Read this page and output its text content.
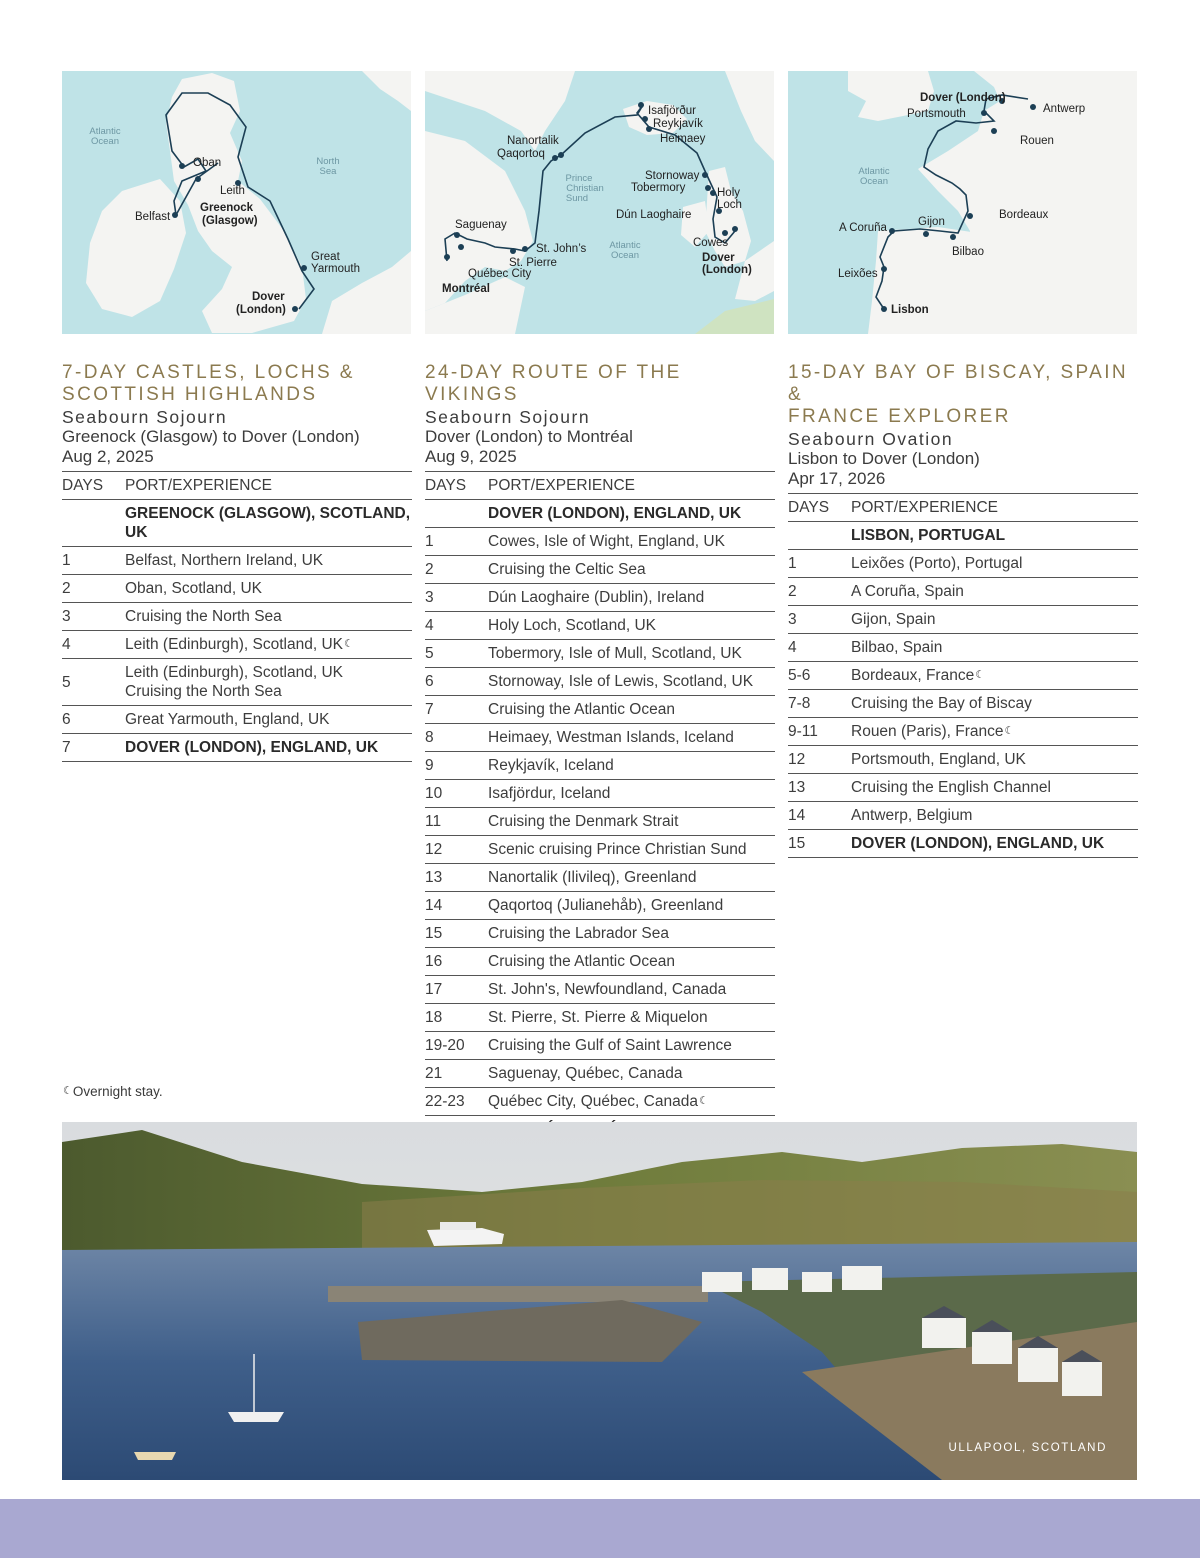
Atlantic
Ocean
North
Sea
Oban
Leith
Belfast
Greenock
(Glasgow)
Great
Yarmouth
Dover
(London)
Prince
Christian
Sund
Atlantic
Ocean
Isafjörður
Reykjavík
Heimaey
Nanortalik
Qaqortoq
Stornoway
Tobermory	Holy
Loch
Dún Laoghaire
Saguenay
St. John’s
St. Pierre
Québec City
Montréal
Cowes
Dover
(London)
Atlantic
Ocean
Dover (London)
Antwerp
Portsmouth
Rouen
Bordeaux
A Coruña	Gijon
Bilbao
Leixões
Lisbon
7-DAY CASTLES, LOCHS &
SCOTTISH HIGHLANDS
Seabourn Sojourn
Greenock (Glasgow) to Dover (London)
Aug 2, 2025
DAYS	PORT/EXPERIENCE
	GREENOCK (GLASGOW), SCOTLAND, UK
1	Belfast, Northern Ireland, UK
2	Oban, Scotland, UK
3	Cruising the North Sea
4	Leith (Edinburgh), Scotland, UK☾
5	Leith (Edinburgh), Scotland, UK
Cruising the North Sea
6	Great Yarmouth, England, UK
7	DOVER (LONDON), ENGLAND, UK
24-DAY ROUTE OF THE VIKINGS
Seabourn Sojourn
Dover (London) to Montréal
Aug 9, 2025
DAYS	PORT/EXPERIENCE
	DOVER (LONDON), ENGLAND, UK
1	Cowes, Isle of Wight, England, UK
2	Cruising the Celtic Sea
3	Dún Laoghaire (Dublin), Ireland
4	Holy Loch, Scotland, UK
5	Tobermory, Isle of Mull, Scotland, UK
6	Stornoway, Isle of Lewis, Scotland, UK
7	Cruising the Atlantic Ocean
8	Heimaey, Westman Islands, Iceland
9	Reykjavík, Iceland
10	Isafjördur, Iceland
11	Cruising the Denmark Strait
12	Scenic cruising Prince Christian Sund
13	Nanortalik (Ilivileq), Greenland
14	Qaqortoq (Julianehåb), Greenland
15	Cruising the Labrador Sea
16	Cruising the Atlantic Ocean
17	St. John's, Newfoundland, Canada
18	St. Pierre, St. Pierre & Miquelon
19-20	Cruising the Gulf of Saint Lawrence
21	Saguenay, Québec, Canada
22-23	Québec City, Québec, Canada☾

15-DAY BAY OF BISCAY, SPAIN &
FRANCE EXPLORER
Seabourn Ovation
Lisbon to Dover (London)
Apr 17, 2026
DAYS	PORT/EXPERIENCE
	LISBON, PORTUGAL
1	Leixões (Porto), Portugal
2	A Coruña, Spain
3	Gijon, Spain
4	Bilbao, Spain
5-6	Bordeaux, France☾
7-8	Cruising the Bay of Biscay
9-11	Rouen (Paris), France☾
12	Portsmouth, England, UK
13	Cruising the English Channel
14	Antwerp, Belgium
15	DOVER (LONDON), ENGLAND, UK
☾Overnight stay.
ULLAPOOL, SCOTLAND
